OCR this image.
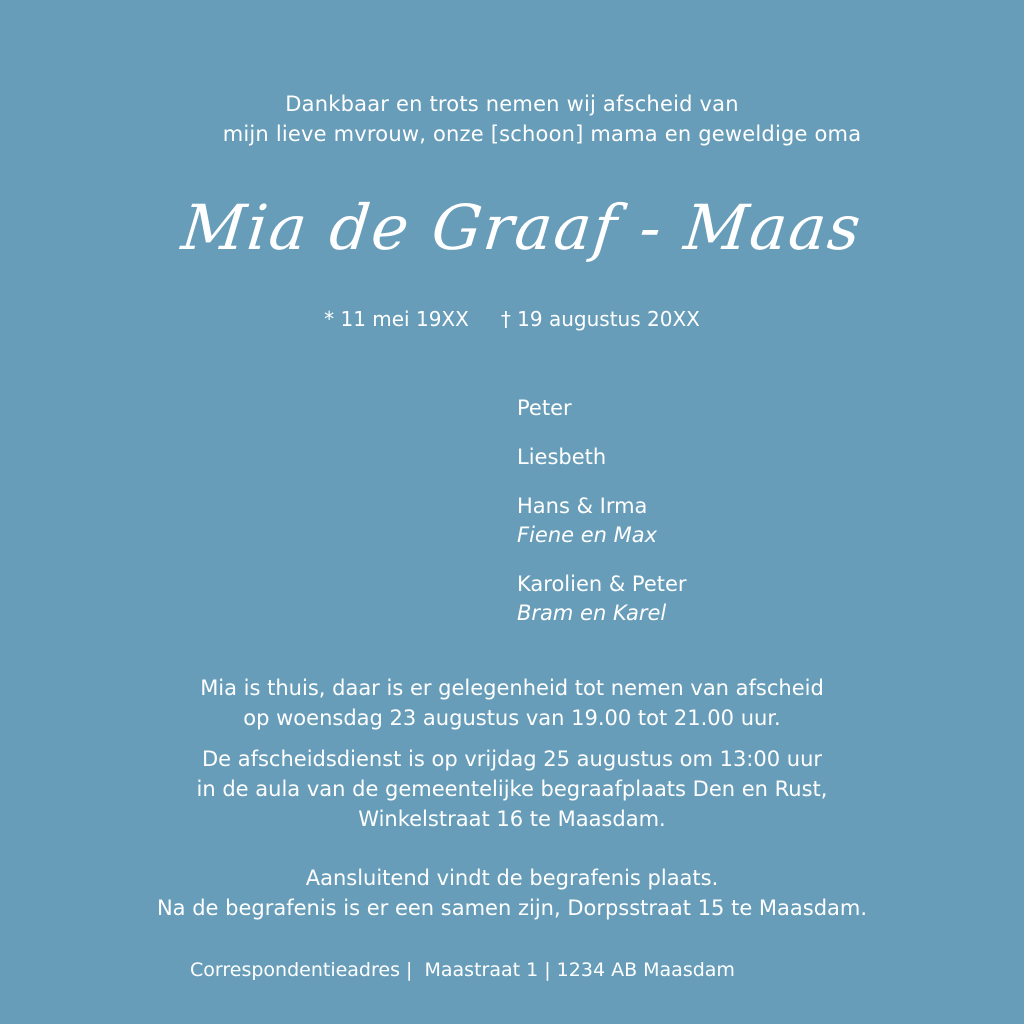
Dankbaar en trots nemen wij afscheid van
mijn lieve mvrouw, onze [schoon] mama en geweldige oma
Mia de Graaf - Maas
* 11 mei 19XX † 19 augustus 20XX
Peter
Liesbeth
Hans & Irma
Fiene en Max
Karolien & Peter
Bram en Karel
Mia is thuis, daar is er gelegenheid tot nemen van afscheid
op woensdag 23 augustus van 19.00 tot 21.00 uur.
De afscheidsdienst is op vrijdag 25 augustus om 13:00 uur
in de aula van de gemeentelijke begraafplaats Den en Rust,
Winkelstraat 16 te Maasdam.
Aansluitend vindt de begrafenis plaats.
Na de begrafenis is er een samen zijn, Dorpsstraat 15 te Maasdam.
Correspondentieadres |  Maastraat 1 | 1234 AB Maasdam
